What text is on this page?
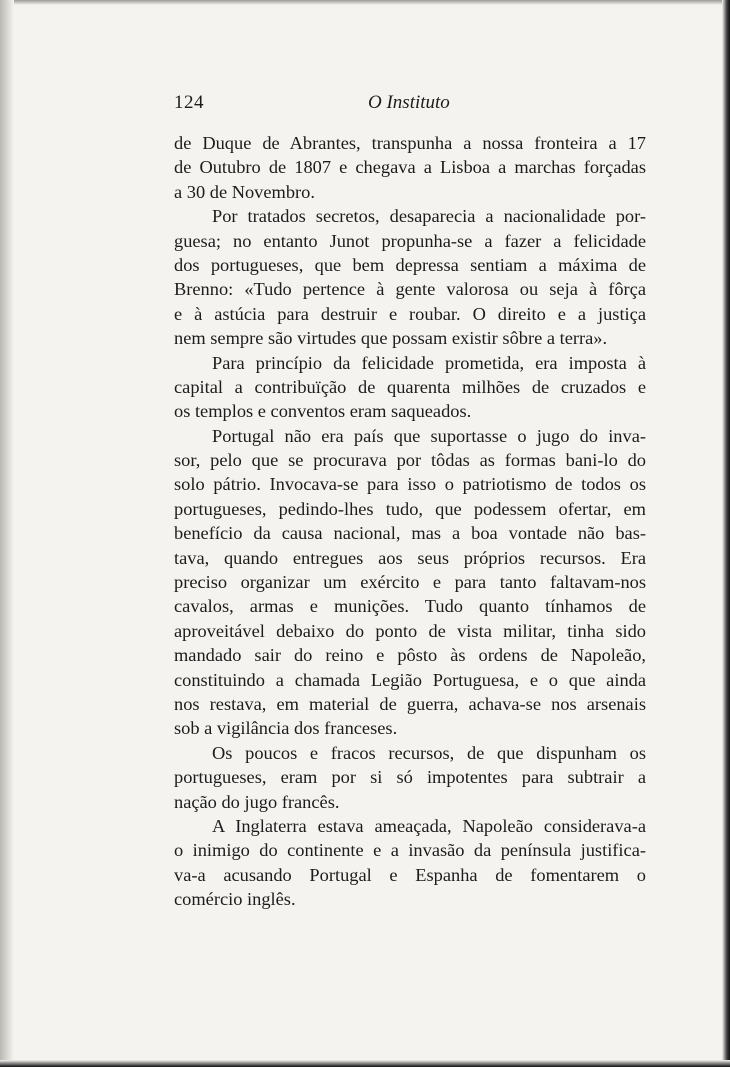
124	O Instituto
de Duque de Abrantes, transpunha a nossa fronteira a 17
de Outubro de 1807 e chegava a Lisboa a marchas forçadas
a 30 de Novembro.
Por tratados secretos, desaparecia a nacionalidade por-
guesa; no entanto Junot propunha-se a fazer a felicidade
dos portugueses, que bem depressa sentiam a máxima de
Brenno: «Tudo pertence à gente valorosa ou seja à fôrça
e à astúcia para destruir e roubar. O direito e a justiça
nem sempre são virtudes que possam existir sôbre a terra».
Para princípio da felicidade prometida, era imposta à
capital a contribuïção de quarenta milhões de cruzados e
os templos e conventos eram saqueados.
Portugal não era país que suportasse o jugo do inva-
sor, pelo que se procurava por tôdas as formas bani-lo do
solo pátrio. Invocava-se para isso o patriotismo de todos os
portugueses, pedindo-lhes tudo, que podessem ofertar, em
benefício da causa nacional, mas a boa vontade não bas-
tava, quando entregues aos seus próprios recursos. Era
preciso organizar um exército e para tanto faltavam-nos
cavalos, armas e munições. Tudo quanto tínhamos de
aproveitável debaixo do ponto de vista militar, tinha sido
mandado sair do reino e pôsto às ordens de Napoleão,
constituindo a chamada Legião Portuguesa, e o que ainda
nos restava, em material de guerra, achava-se nos arsenais
sob a vigilância dos franceses.
Os poucos e fracos recursos, de que dispunham os
portugueses, eram por si só impotentes para subtrair a
nação do jugo francês.
A Inglaterra estava ameaçada, Napoleão considerava-a
o inimigo do continente e a invasão da península justifica-
va-a acusando Portugal e Espanha de fomentarem o
comércio inglês.
